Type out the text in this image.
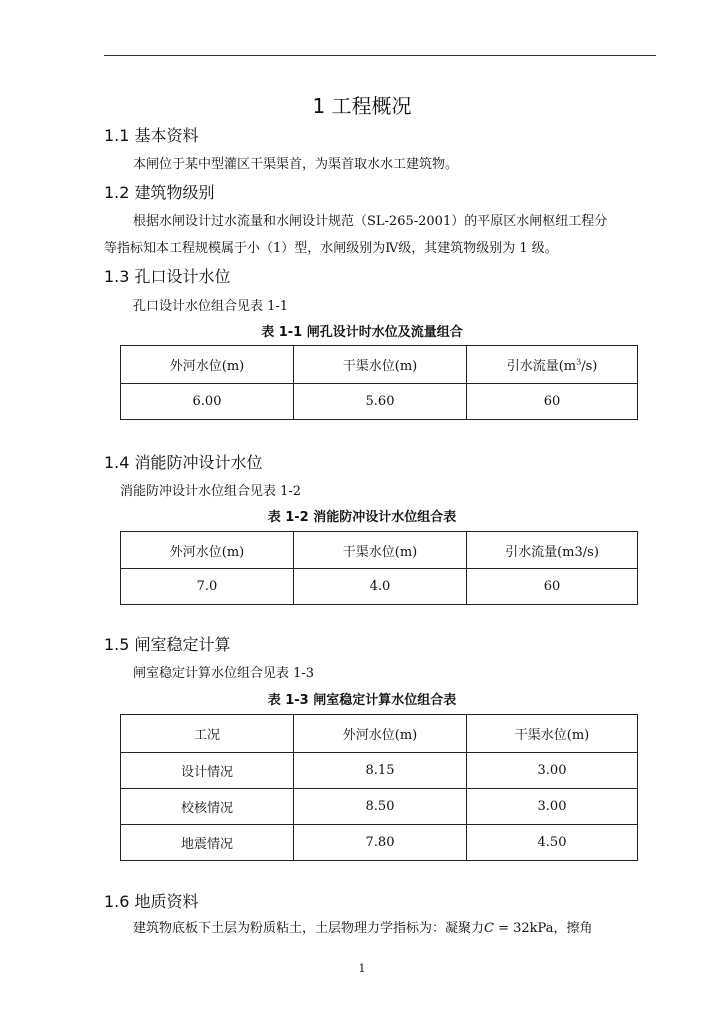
1 工程概况
1.1 基本资料
本闸位于某中型灌区干渠渠首，为渠首取水水工建筑物。
1.2 建筑物级别
根据水闸设计过水流量和水闸设计规范（SL-265-2001）的平原区水闸枢纽工程分
等指标知本工程规模属于小（1）型，水闸级别为Ⅳ级，其建筑物级别为 1 级。
1.3 孔口设计水位
孔口设计水位组合见表 1-1
表 1-1 闸孔设计时水位及流量组合
外河水位(m)	干渠水位(m)	引水流量$(m^3/s)$
6.00	5.60	60
1.4 消能防冲设计水位
消能防冲设计水位组合见表 1-2
表 1-2 消能防冲设计水位组合表
外河水位(m)	干渠水位(m)	引水流量(m3/s)
7.0	4.0	60
1.5 闸室稳定计算
闸室稳定计算水位组合见表 1-3
表 1-3 闸室稳定计算水位组合表
工况	外河水位(m)	干渠水位(m)
设计情况	8.15	3.00
校核情况	8.50	3.00
地震情况	7.80	4.50
1.6 地质资料
建筑物底板下土层为粉质粘土，土层物理力学指标为：凝聚力C = 32kPa，擦角
1
